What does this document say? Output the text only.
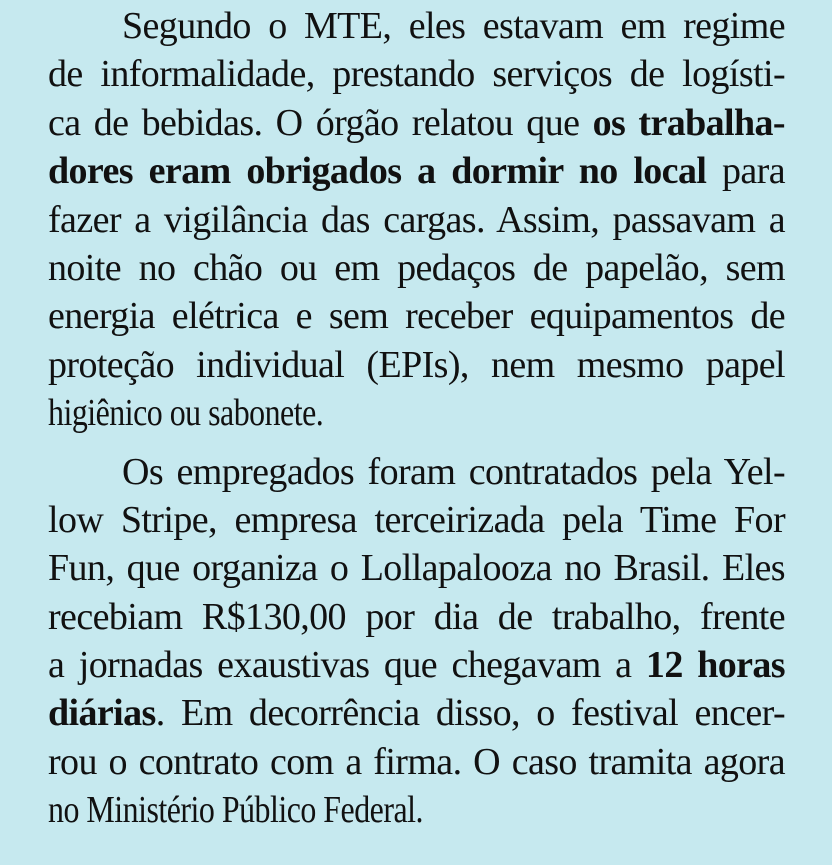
Segundo o MTE, eles estavam em regime
de informalidade, prestando serviços de logísti-
ca de bebidas. O órgão relatou que os trabalha-
dores eram obrigados a dormir no local para
fazer a vigilância das cargas. Assim, passavam a
noite no chão ou em pedaços de papelão, sem
energia elétrica e sem receber equipamentos de
proteção individual (EPIs), nem mesmo papel
higiênico ou sabonete.
Os empregados foram contratados pela Yel-
low Stripe, empresa terceirizada pela Time For
Fun, que organiza o Lollapalooza no Brasil. Eles
recebiam R$130,00 por dia de trabalho, frente
a jornadas exaustivas que chegavam a 12 horas
diárias. Em decorrência disso, o festival encer-
rou o contrato com a firma. O caso tramita agora
no Ministério Público Federal.
